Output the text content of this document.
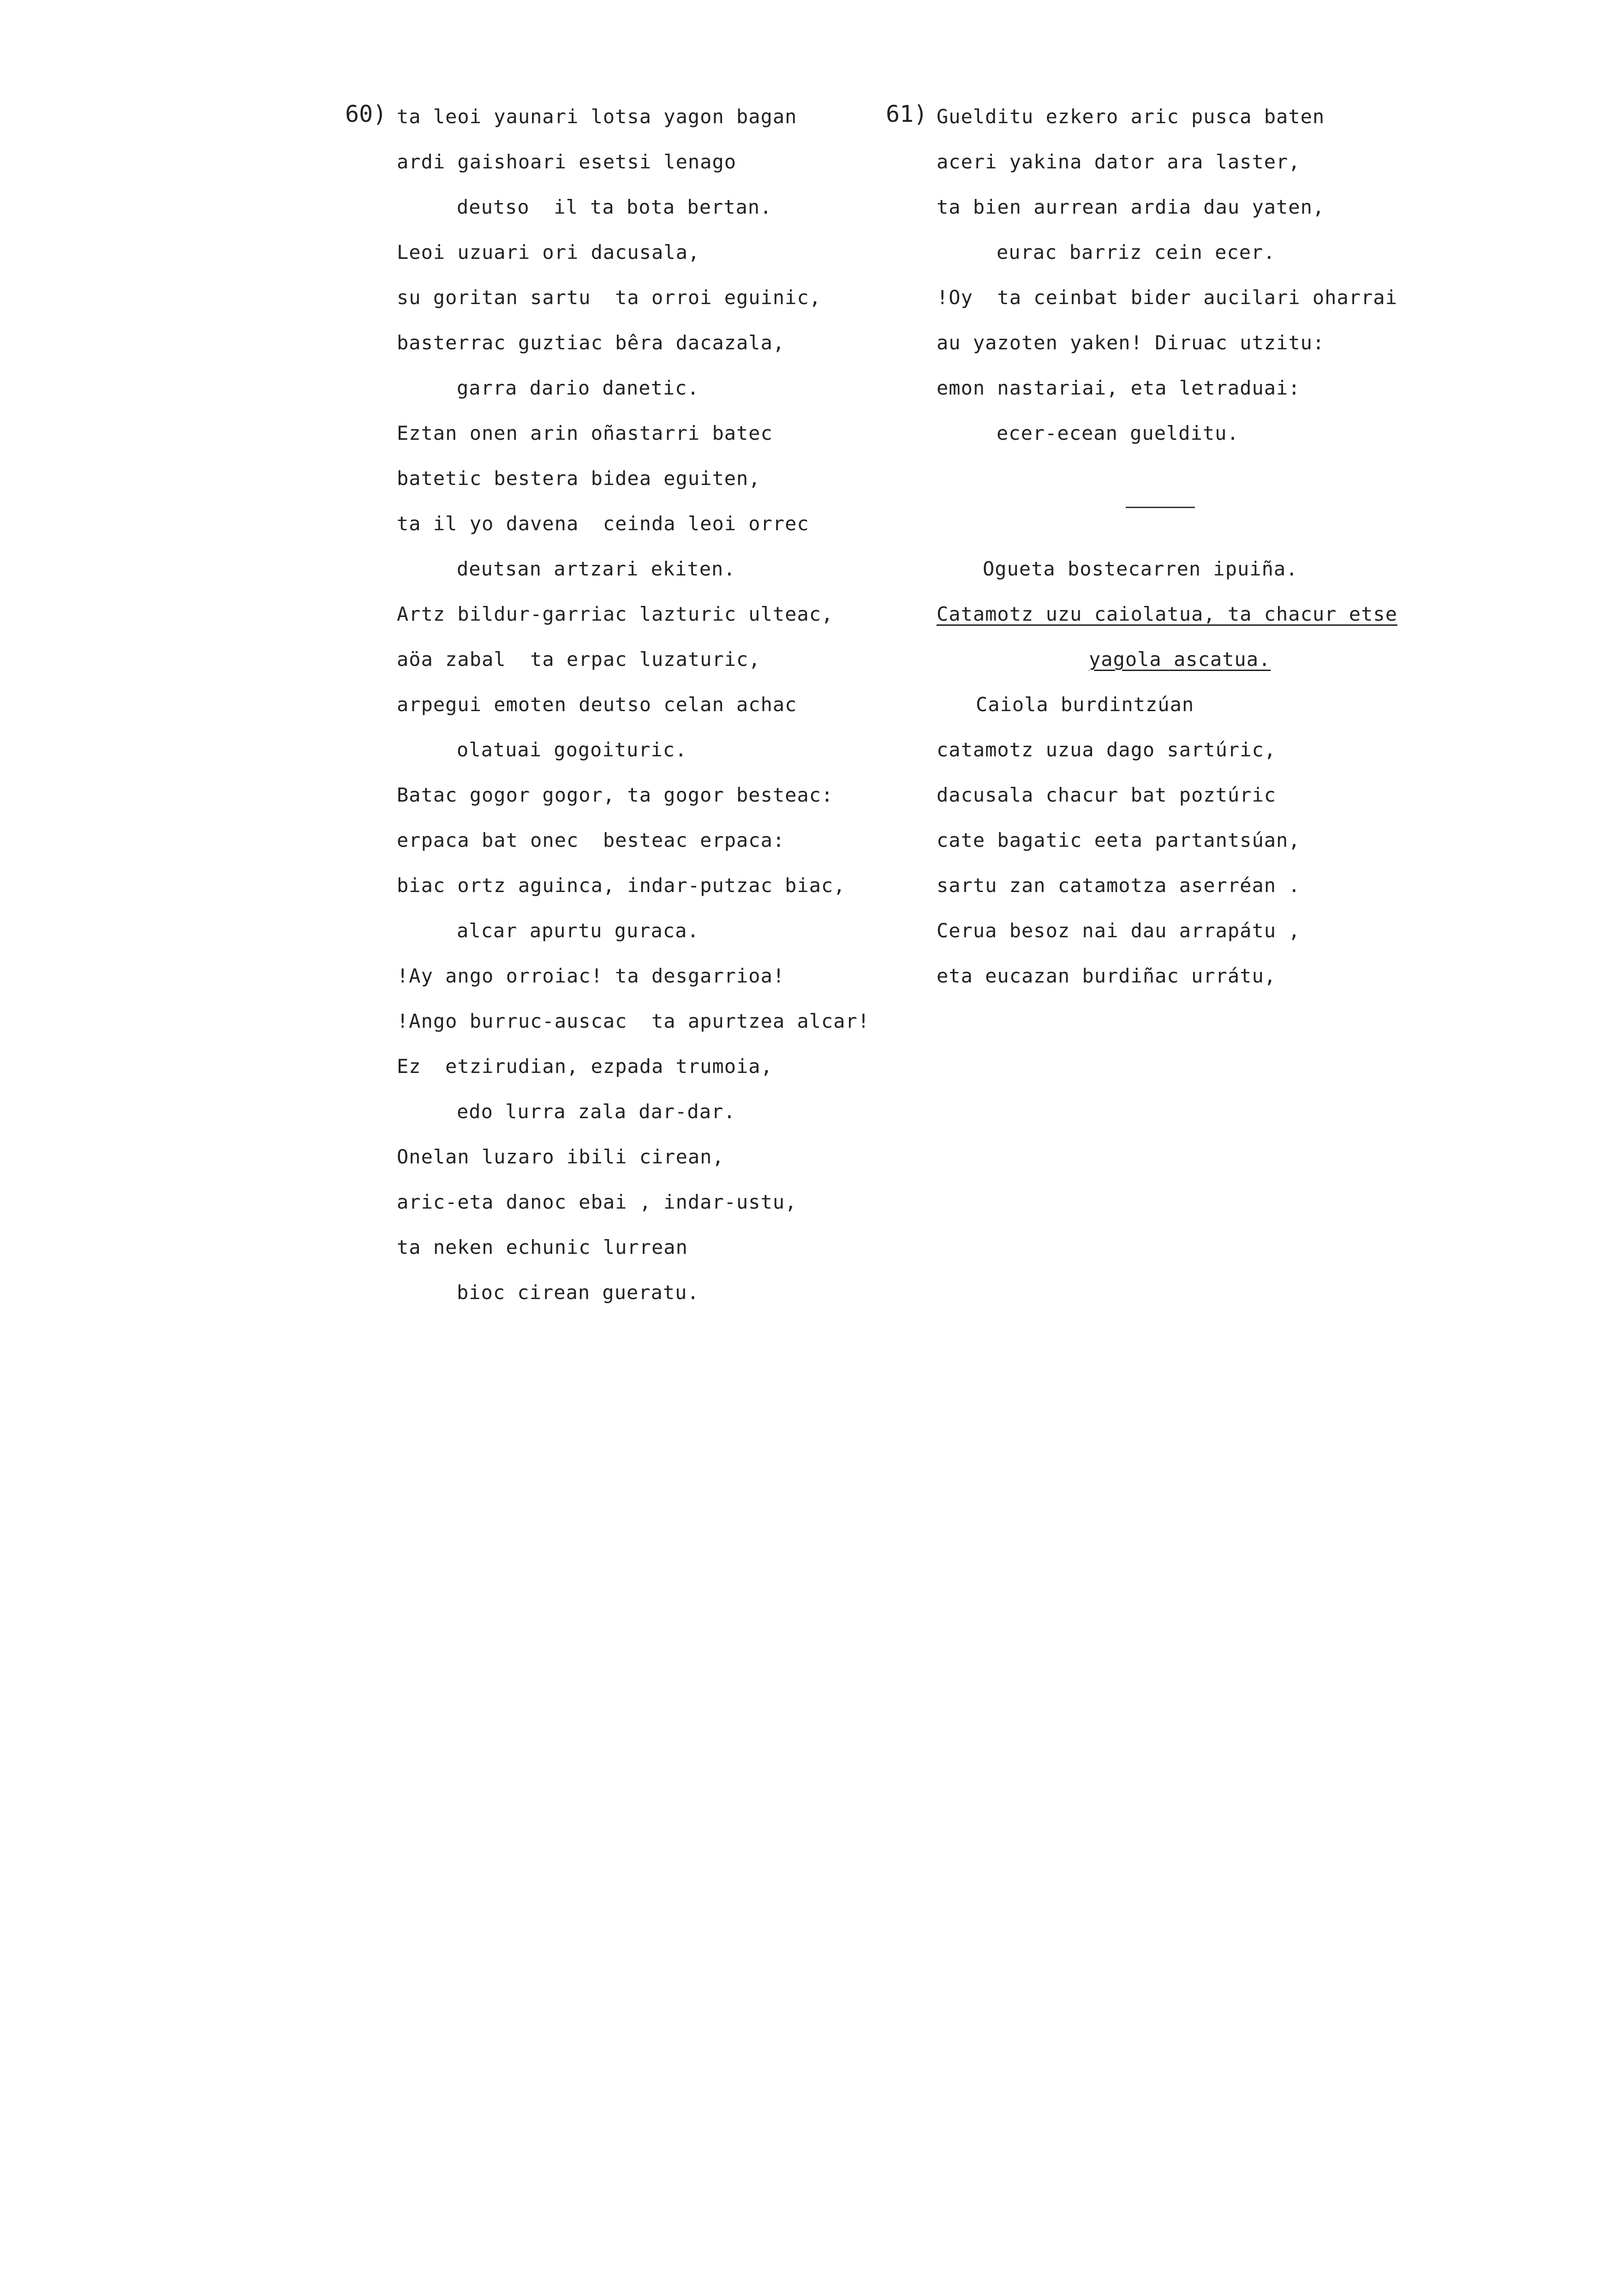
60) ta leoi yaunari lotsa yagon bagan
ardi gaishoari esetsi lenago
deutso  il ta bota bertan.
Leoi uzuari ori dacusala,
su goritan sartu  ta orroi eguinic,
basterrac guztiac bêra dacazala,
garra dario danetic.
Eztan onen arin oñastarri batec
batetic bestera bidea eguiten,
ta il yo davena  ceinda leoi orrec
deutsan artzari ekiten.
Artz bildur-garriac lazturic ulteac,
aöa zabal  ta erpac luzaturic,
arpegui emoten deutso celan achac
olatuai gogoituric.
Batac gogor gogor, ta gogor besteac:
erpaca bat onec  besteac erpaca:
biac ortz aguinca, indar-putzac biac,
alcar apurtu guraca.
!Ay ango orroiac! ta desgarrioa!
!Ango burruc-auscac  ta apurtzea alcar!
Ez  etzirudian, ezpada trumoia,
edo lurra zala dar-dar.
Onelan luzaro ibili cirean,
aric-eta danoc ebai , indar-ustu,
ta neken echunic lurrean
bioc cirean gueratu.
61) Guelditu ezkero aric pusca baten
aceri yakina dator ara laster,
ta bien aurrean ardia dau yaten,
eurac barriz cein ecer.
!Oy  ta ceinbat bider aucilari oharrai
au yazoten yaken! Diruac utzitu:
emon nastariai, eta letraduai:
ecer-ecean guelditu.
Ogueta bostecarren ipuiña.
Catamotz uzu caiolatua, ta chacur etse
yagola ascatua.
Caiola burdintzúan
catamotz uzua dago sartúric,
dacusala chacur bat poztúric
cate bagatic eeta partantsúan,
sartu zan catamotza aserréan .
Cerua besoz nai dau arrapátu ,
eta eucazan burdiñac urrátu,
